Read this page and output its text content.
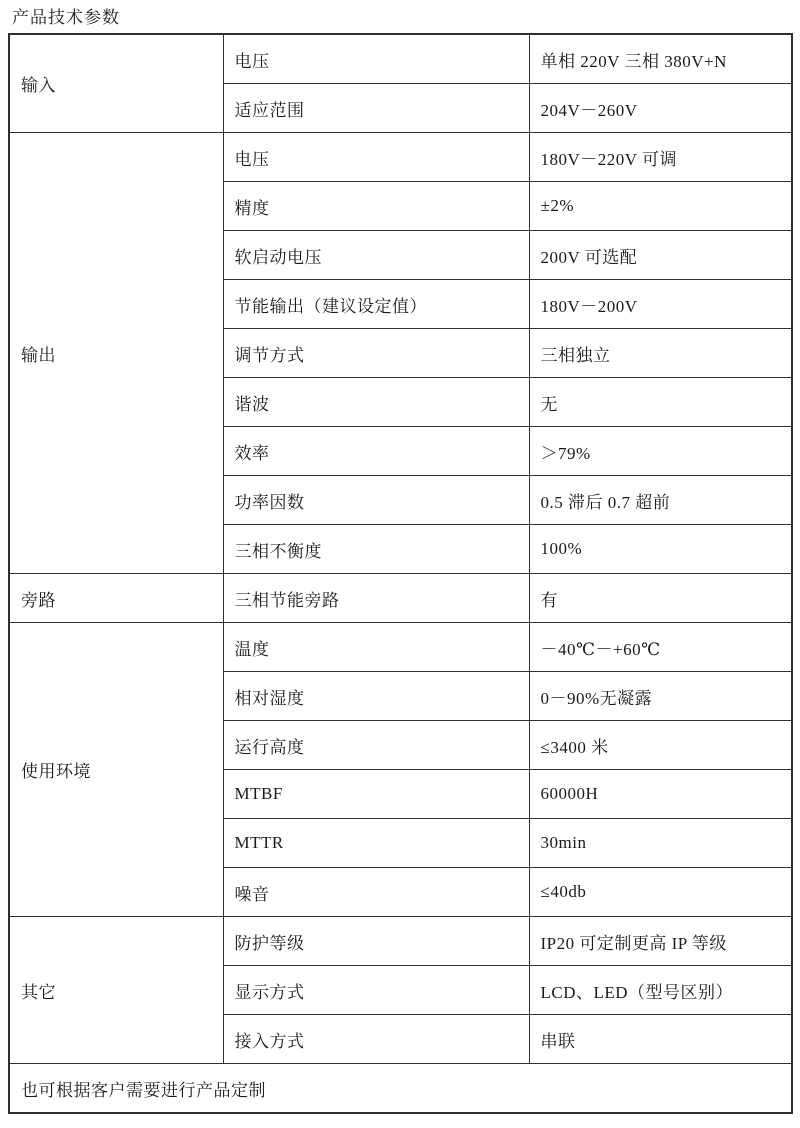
产品技术参数
输入	电压	单相 220V 三相 380V+N
	适应范围	204V－260V
输出	电压	180V－220V 可调
	精度	±2%
	软启动电压	200V 可选配
	节能输出（建议设定值）	180V－200V
	调节方式	三相独立
	谐波	无
	效率	＞79%
	功率因数	0.5 滞后 0.7 超前
	三相不衡度	100%
旁路	三相节能旁路	有
使用环境	温度	－40℃－+60℃
	相对湿度	0－90%无凝露
	运行高度	≤3400 米
	MTBF	60000H
	MTTR	30min
	噪音	≤40db
其它	防护等级	IP20 可定制更高 IP 等级
	显示方式	LCD、LED（型号区别）
	接入方式	串联
也可根据客户需要进行产品定制		
